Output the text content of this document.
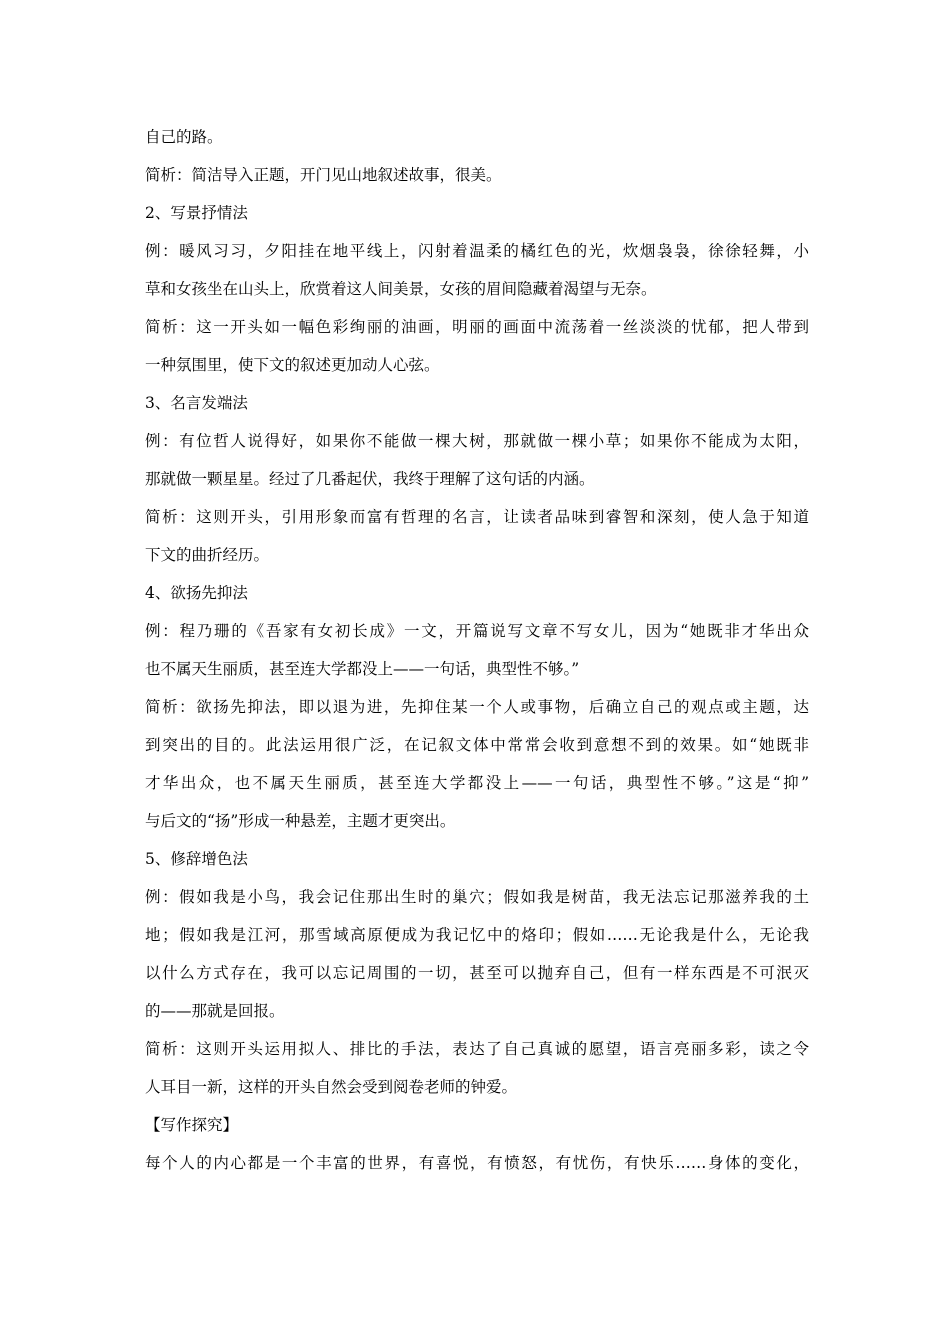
自己的路。
简析：简洁导入正题，开门见山地叙述故事，很美。
2、写景抒情法
例：暖风习习，夕阳挂在地平线上，闪射着温柔的橘红色的光，炊烟袅袅，徐徐轻舞，小
草和女孩坐在山头上，欣赏着这人间美景，女孩的眉间隐藏着渴望与无奈。
简析：这一开头如一幅色彩绚丽的油画，明丽的画面中流荡着一丝淡淡的忧郁，把人带到
一种氛围里，使下文的叙述更加动人心弦。
3、名言发端法
例：有位哲人说得好，如果你不能做一棵大树，那就做一棵小草；如果你不能成为太阳，
那就做一颗星星。经过了几番起伏，我终于理解了这句话的内涵。
简析：这则开头，引用形象而富有哲理的名言，让读者品味到睿智和深刻，使人急于知道
下文的曲折经历。
4、欲扬先抑法
例：程乃珊的《吾家有女初长成》一文，开篇说写文章不写女儿，因为“她既非才华出众
也不属天生丽质，甚至连大学都没上——一句话，典型性不够。”
简析：欲扬先抑法，即以退为进，先抑住某一个人或事物，后确立自己的观点或主题，达
到突出的目的。此法运用很广泛，在记叙文体中常常会收到意想不到的效果。如“她既非
才华出众，也不属天生丽质，甚至连大学都没上——一句话，典型性不够。”这是“抑”
与后文的“扬”形成一种悬差，主题才更突出。
5、修辞增色法
例：假如我是小鸟，我会记住那出生时的巢穴；假如我是树苗，我无法忘记那滋养我的土
地；假如我是江河，那雪域高原便成为我记忆中的烙印；假如……无论我是什么，无论我
以什么方式存在，我可以忘记周围的一切，甚至可以抛弃自己，但有一样东西是不可泯灭
的——那就是回报。
简析：这则开头运用拟人、排比的手法，表达了自己真诚的愿望，语言亮丽多彩，读之令
人耳目一新，这样的开头自然会受到阅卷老师的钟爱。
【写作探究】
每个人的内心都是一个丰富的世界，有喜悦，有愤怒，有忧伤，有快乐……身体的变化，
